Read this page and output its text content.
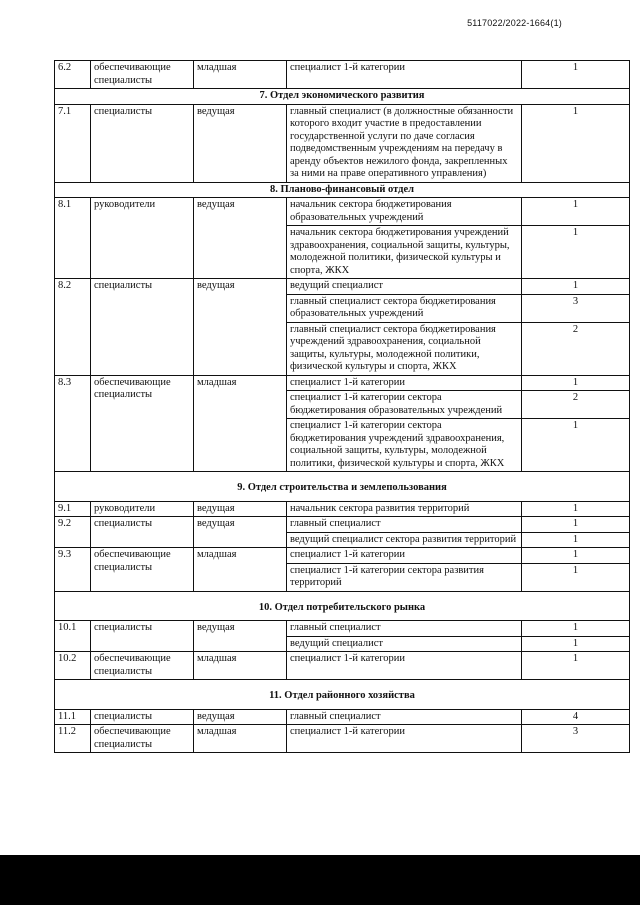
5117022/2022-1664(1)
6.2	обеспечивающие специалисты	младшая	специалист 1-й категории	1
7. Отдел экономического развития				
7.1	специалисты	ведущая	главный специалист (в должностные обязанности которого входит участие в предоставлении государственной услуги по даче согласия подведомственным учреждениям на передачу в аренду объектов нежилого фонда, закрепленных за ними на праве оперативного управления)	1
8. Планово-финансовый отдел				
8.1	руководители	ведущая	начальник сектора бюджетирования образовательных учреждений	1
			начальник сектора бюджетирования учреждений здравоохранения, социальной защиты, культуры, молодежной политики, физической культуры и спорта, ЖКХ	1
8.2	специалисты	ведущая	ведущий специалист	1
			главный специалист сектора бюджетирования образовательных учреждений	3
			главный специалист сектора бюджетирования учреждений здравоохранения, социальной защиты, культуры, молодежной политики, физической культуры и спорта, ЖКХ	2
8.3	обеспечивающие специалисты	младшая	специалист 1-й категории	1
			специалист 1-й категории сектора бюджетирования образовательных учреждений	2
			специалист 1-й категории сектора бюджетирования учреждений здравоохранения, социальной защиты, культуры, молодежной политики, физической культуры и спорта, ЖКХ	1
9. Отдел строительства и землепользования				
9.1	руководители	ведущая	начальник сектора развития территорий	1
9.2	специалисты	ведущая	главный специалист	1
			ведущий специалист сектора развития территорий	1
9.3	обеспечивающие специалисты	младшая	специалист 1-й категории	1
			специалист 1-й категории сектора развития территорий	1
10. Отдел потребительского рынка				
10.1	специалисты	ведущая	главный специалист	1
			ведущий специалист	1
10.2	обеспечивающие специалисты	младшая	специалист 1-й категории	1
11. Отдел районного хозяйства				
11.1	специалисты	ведущая	главный специалист	4
11.2	обеспечивающие специалисты	младшая	специалист 1-й категории	3
